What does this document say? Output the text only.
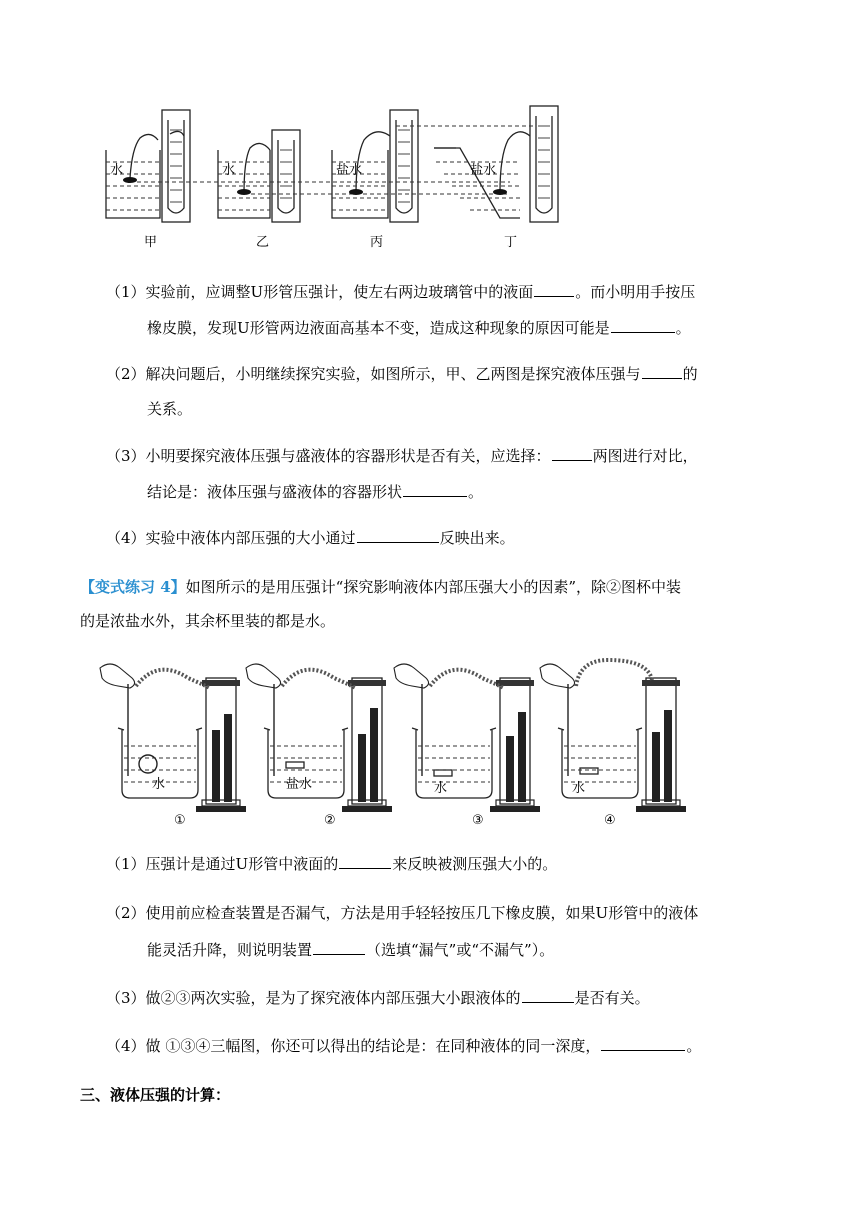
水	水	盐水	盐水
甲	乙	丙	丁
（1）实验前，应调整U形管压强计，使左右两边玻璃管中的液面	。而小明用手按压
橡皮膜，发现U形管两边液面高基本不变，造成这种现象的原因可能是	。
（2）解决问题后，小明继续探究实验，如图所示，甲、乙两图是探究液体压强与	的
关系。
（3）小明要探究液体压强与盛液体的容器形状是否有关，应选择：	两图进行对比，
结论是：液体压强与盛液体的容器形状	。
（4）实验中液体内部压强的大小通过	反映出来。
【变式练习 4】如图所示的是用压强计“探究影响液体内部压强大小的因素”，除②图杯中装
的是浓盐水外，其余杯里装的都是水。
水
①
盐水
②
水
③
水
④
（1）压强计是通过U形管中液面的	来反映被测压强大小的。
（2）使用前应检查装置是否漏气，方法是用手轻轻按压几下橡皮膜，如果U形管中的液体
能灵活升降，则说明装置	（选填“漏气”或“不漏气”）。
（3）做②③两次实验，是为了探究液体内部压强大小跟液体的	是否有关。
（4）做 ①③④三幅图，你还可以得出的结论是：在同种液体的同一深度，	。
三、液体压强的计算：
